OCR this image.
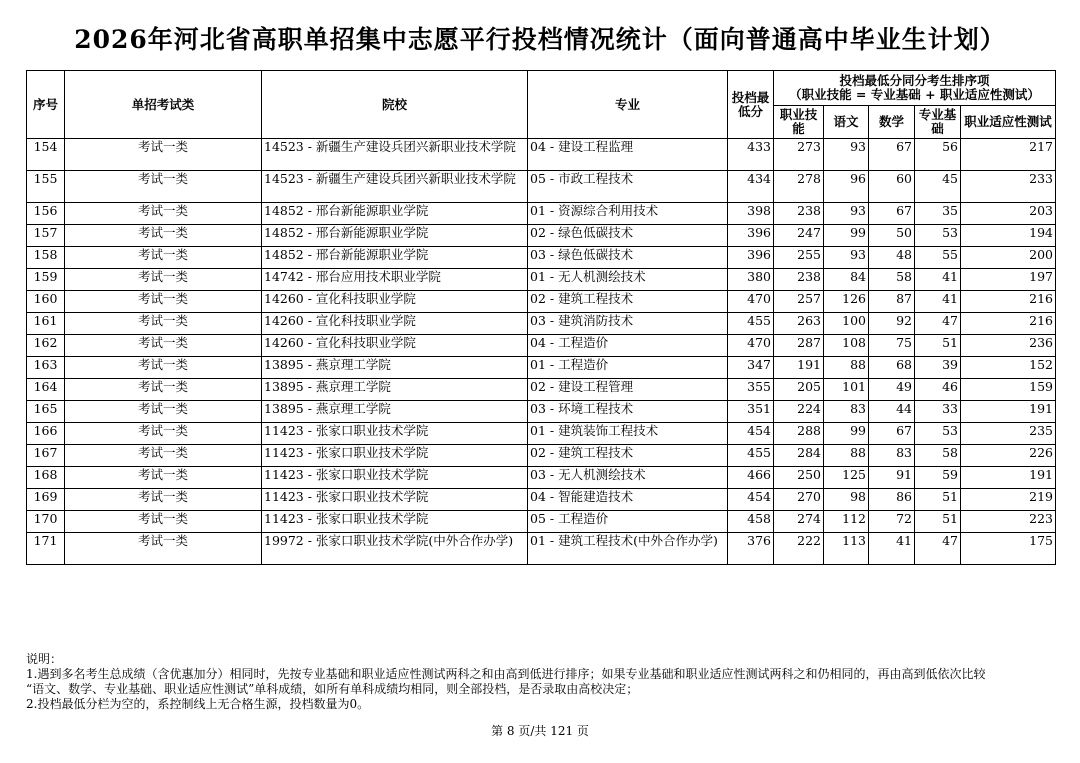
2026年河北省高职单招集中志愿平行投档情况统计（面向普通高中毕业生计划）
序号	单招考试类	院校	专业	投档最低分	投档最低分同分考生排序项
（职业技能 = 专业基础 + 职业适应性测试）				

					职业技能	语文	数学	专业基础	职业适应性测试
154	考试一类	14523 - 新疆生产建设兵团兴新职业技术学院	04 - 建设工程监理	433	273	93	67	56	217
155	考试一类	14523 - 新疆生产建设兵团兴新职业技术学院	05 - 市政工程技术	434	278	96	60	45	233
156	考试一类	14852 - 邢台新能源职业学院	01 - 资源综合利用技术	398	238	93	67	35	203
157	考试一类	14852 - 邢台新能源职业学院	02 - 绿色低碳技术	396	247	99	50	53	194
158	考试一类	14852 - 邢台新能源职业学院	03 - 绿色低碳技术	396	255	93	48	55	200
159	考试一类	14742 - 邢台应用技术职业学院	01 - 无人机测绘技术	380	238	84	58	41	197
160	考试一类	14260 - 宣化科技职业学院	02 - 建筑工程技术	470	257	126	87	41	216
161	考试一类	14260 - 宣化科技职业学院	03 - 建筑消防技术	455	263	100	92	47	216
162	考试一类	14260 - 宣化科技职业学院	04 - 工程造价	470	287	108	75	51	236
163	考试一类	13895 - 燕京理工学院	01 - 工程造价	347	191	88	68	39	152
164	考试一类	13895 - 燕京理工学院	02 - 建设工程管理	355	205	101	49	46	159
165	考试一类	13895 - 燕京理工学院	03 - 环境工程技术	351	224	83	44	33	191
166	考试一类	11423 - 张家口职业技术学院	01 - 建筑装饰工程技术	454	288	99	67	53	235
167	考试一类	11423 - 张家口职业技术学院	02 - 建筑工程技术	455	284	88	83	58	226
168	考试一类	11423 - 张家口职业技术学院	03 - 无人机测绘技术	466	250	125	91	59	191
169	考试一类	11423 - 张家口职业技术学院	04 - 智能建造技术	454	270	98	86	51	219
170	考试一类	11423 - 张家口职业技术学院	05 - 工程造价	458	274	112	72	51	223
171	考试一类	19972 - 张家口职业技术学院(中外合作办学)	01 - 建筑工程技术(中外合作办学)	376	222	113	41	47	175
说明：
1.遇到多名考生总成绩（含优惠加分）相同时，先按专业基础和职业适应性测试两科之和由高到低进行排序；如果专业基础和职业适应性测试两科之和仍相同的，再由高到低依次比较
“语文、数学、专业基础、职业适应性测试”单科成绩，如所有单科成绩均相同，则全部投档，是否录取由高校决定；
2.投档最低分栏为空的，系控制线上无合格生源，投档数量为0。
第 8 页/共 121 页
